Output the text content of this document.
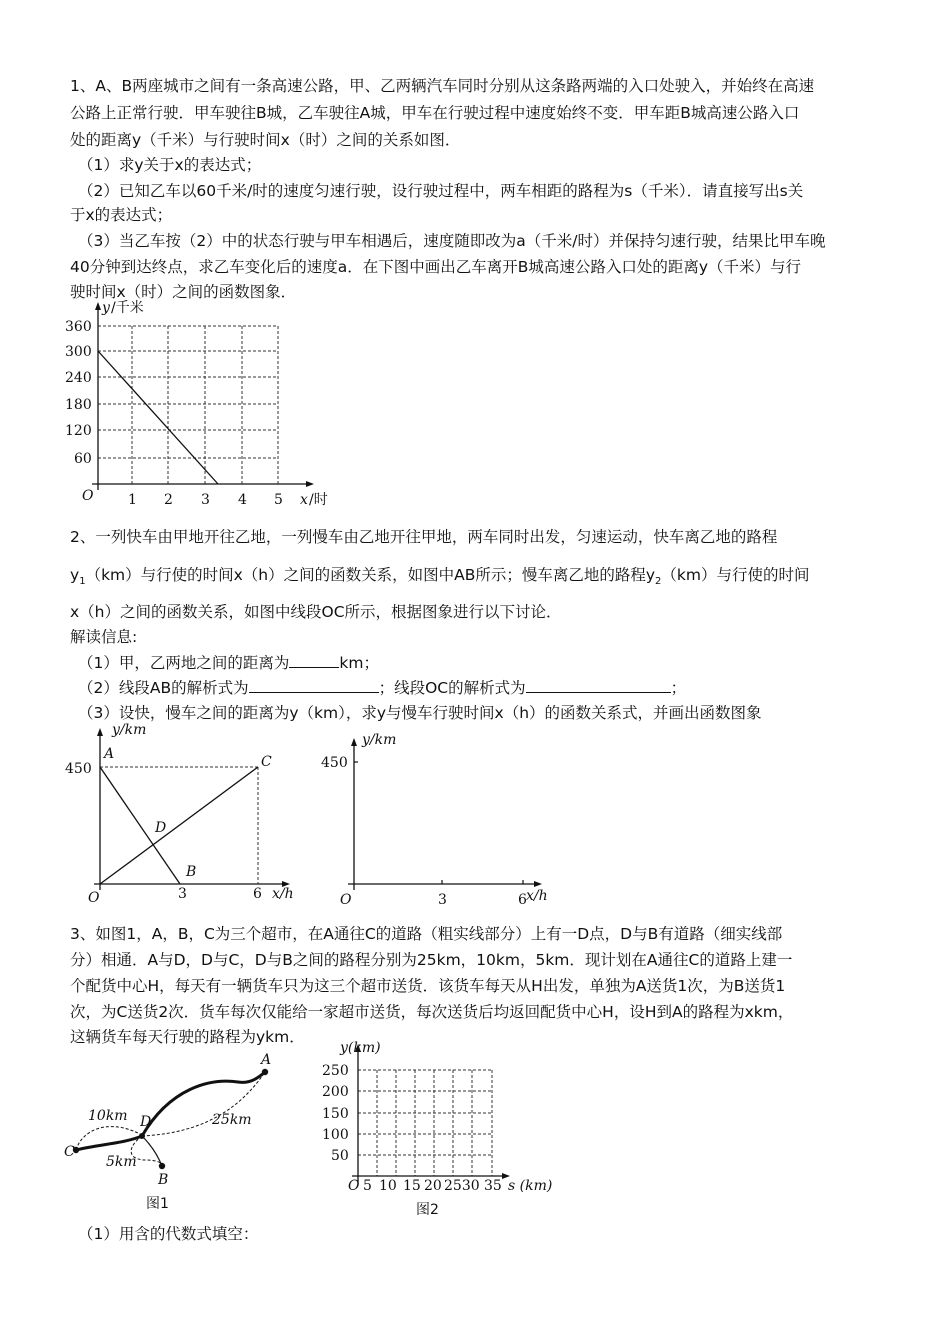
1、A、B两座城市之间有一条高速公路，甲、乙两辆汽车同时分别从这条路两端的入口处驶入，并始终在高速

公路上正常行驶．甲车驶往B城，乙车驶往A城，甲车在行驶过程中速度始终不变．甲车距B城高速公路入口

处的距离y（千米）与行驶时间x（时）之间的关系如图．

（1）求y关于x的表达式；

（2）已知乙车以60千米/时的速度匀速行驶，设行驶过程中，两车相距的路程为s（千米）．请直接写出s关

于x的表达式；

（3）当乙车按（2）中的状态行驶与甲车相遇后，速度随即改为a（千米/时）并保持匀速行驶，结果比甲车晚

40分钟到达终点，求乙车变化后的速度a．在下图中画出乙车离开B城高速公路入口处的距离y（千米）与行

驶时间x（时）之间的函数图象．

y /千米
360
300
240
180
120
60
O 1 2 3 4 5 x /时

2、一列快车由甲地开往乙地，一列慢车由乙地开往甲地，两车同时出发，匀速运动，快车离乙地的路程

$y_1(km)$与行使的时间x（h）之间的函数关系，如图中AB所示；慢车离乙地的路程$y_2(km)$与行使的时间

x（h）之间的函数关系，如图中线段OC所示，根据图象进行以下讨论．

解读信息:

（1）甲，乙两地之间的距离为	km；

（2）线段AB的解析式为	；线段OC的解析式为	；

（3）设快，慢车之间的距离为y（km），求y与慢车行驶时间x（h）的函数关系式，并画出函数图象

y/km
A
450	C
D
B
O	3	6 x/h
y/km
450
O	3	6 x/h

3、如图1，A，B，C为三个超市，在A通往C的道路（粗实线部分）上有一D点，D与B有道路（细实线部

分）相通．A与D，D与C，D与B之间的路程分别为25km，10km，5km．现计划在A通往C的道路上建一

个配货中心H，每天有一辆货车只为这三个超市送货．该货车每天从H出发，单独为A送货1次，为B送货1

次，为C送货2次．货车每次仅能给一家超市送货，每次送货后均返回配货中心H，设H到A的路程为xkm，

这辆货车每天行驶的路程为ykm．

A
C
D
B
10km	25km
5km
图1
y(km)
250
200
150
100
50
O 5 10 15 20 2530 35 s (km)
图2

（1）用含的代数式填空：
